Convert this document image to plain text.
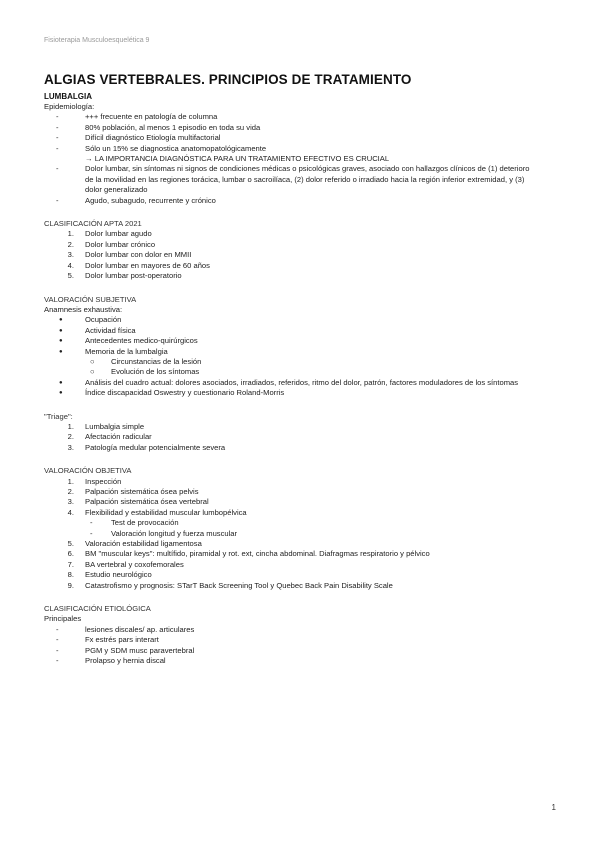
Fisioterapia Musculoesquelética 9
ALGIAS VERTEBRALES. PRINCIPIOS DE TRATAMIENTO
LUMBALGIA
Epidemiología:
-	+++ frecuente en patología de columna
-	80% población, al menos 1 episodio en toda su vida
-	Difícil diagnóstico Etiología multifactorial
-	Sólo un 15% se diagnostica anatomopatológicamente
→ LA IMPORTANCIA DIAGNÓSTICA PARA UN TRATAMIENTO EFECTIVO ES CRUCIAL
-	Dolor lumbar, sin síntomas ni signos de condiciones médicas o psicológicas graves, asociado con hallazgos clínicos de (1) deterioro
de la movilidad en las regiones torácica, lumbar o sacroilíaca, (2) dolor referido o irradiado hacia la región inferior extremidad, y (3)
dolor generalizado
-	Agudo, subagudo, recurrente y crónico
CLASIFICACIÓN APTA 2021
1. Dolor lumbar agudo
2. Dolor lumbar crónico
3. Dolor lumbar con dolor en MMII
4. Dolor lumbar en mayores de 60 años
5. Dolor lumbar post-operatorio
VALORACIÓN SUBJETIVA
Anamnesis exhaustiva:
●	Ocupación
●	Actividad física
●	Antecedentes medico-quirúrgicos
●	Memoria de la lumbalgia
○ Circunstancias de la lesión
○ Evolución de los síntomas
●	Análisis del cuadro actual: dolores asociados, irradiados, referidos, ritmo del dolor, patrón, factores moduladores de los síntomas
●	Índice discapacidad Oswestry y cuestionario Roland-Morris
"Triage":
1. Lumbalgia simple
2. Afectación radicular
3. Patología medular potencialmente severa
VALORACIÓN OBJETIVA
1. Inspección
2. Palpación sistemática ósea pelvis
3. Palpación sistemática ósea vertebral
4. Flexibilidad y estabilidad muscular lumbopélvica
- Test de provocación
- Valoración longitud y fuerza muscular
5. Valoración estabilidad ligamentosa
6. BM "muscular keys": multífido, piramidal y rot. ext, cincha abdominal. Diafragmas respiratorio y pélvico
7. BA vertebral y coxofemorales
8. Estudio neurológico
9. Catastrofismo y prognosis: STarT Back Screening Tool y Quebec Back Pain Disability Scale
CLASIFICACIÓN ETIOLÓGICA
Principales
-	lesiones discales/ ap. articulares
-	Fx estrés pars interart
-	PGM y SDM musc paravertebral
-	Prolapso y hernia discal
1
